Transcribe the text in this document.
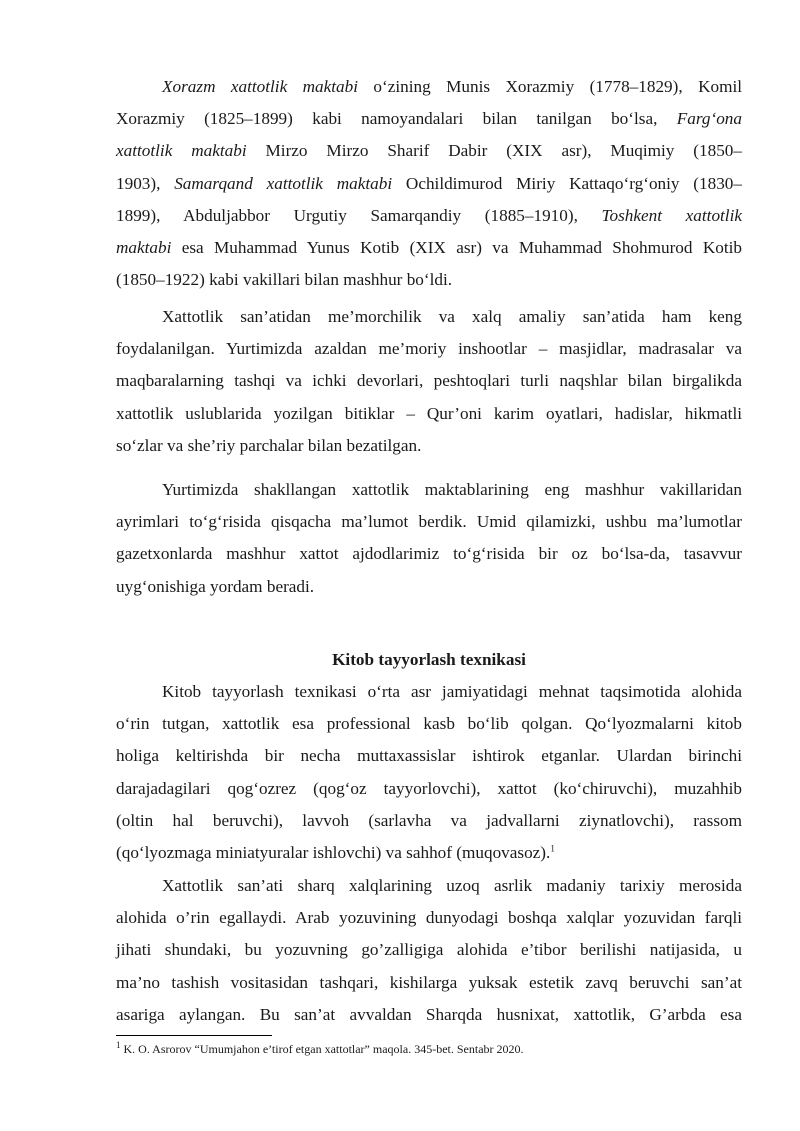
Xorazm xattotlik maktabi o‘zining Munis Xorazmiy (1778–1829), Komil
Xorazmiy (1825–1899) kabi namoyandalari bilan tanilgan bo‘lsa, Farg‘ona
xattotlik maktabi Mirzo Mirzo Sharif Dabir (XIX asr), Muqimiy (1850–
1903), Samarqand xattotlik maktabi Ochildimurod Miriy Kattaqo‘rg‘oniy (1830–
1899), Abduljabbor Urgutiy Samarqandiy (1885–1910), Toshkent xattotlik
maktabi esa Muhammad Yunus Kotib (XIX asr) va Muhammad Shohmurod Kotib
(1850–1922) kabi vakillari bilan mashhur bo‘ldi.
Xattotlik san’atidan me’morchilik va xalq amaliy san’atida ham keng
foydalanilgan. Yurtimizda azaldan me’moriy inshootlar – masjidlar, madrasalar va
maqbaralarning tashqi va ichki devorlari, peshtoqlari turli naqshlar bilan birgalikda
xattotlik uslublarida yozilgan bitiklar – Qur’oni karim oyatlari, hadislar, hikmatli
so‘zlar va she’riy parchalar bilan bezatilgan.
Yurtimizda shakllangan xattotlik maktablarining eng mashhur vakillaridan
ayrimlari to‘g‘risida qisqacha ma’lumot berdik. Umid qilamizki, ushbu ma’lumotlar
gazetxonlarda mashhur xattot ajdodlarimiz to‘g‘risida bir oz bo‘lsa-da, tasavvur
uyg‘onishiga yordam beradi.
Kitob tayyorlash texnikasi
Kitob tayyorlash texnikasi o‘rta asr jamiyatidagi mehnat taqsimotida alohida
o‘rin tutgan, xattotlik esa professional kasb bo‘lib qolgan. Qo‘lyozmalarni kitob
holiga keltirishda bir necha muttaxassislar ishtirok etganlar. Ulardan birinchi
darajadagilari qog‘ozrez (qog‘oz tayyorlovchi), xattot (ko‘chiruvchi), muzahhib
(oltin hal beruvchi), lavvoh (sarlavha va jadvallarni ziynatlovchi), rassom
(qo‘lyozmaga miniatyuralar ishlovchi) va sahhof (muqovasoz).$^1$
Xattotlik san’ati sharq xalqlarining uzoq asrlik madaniy tarixiy merosida
alohida o’rin egallaydi. Arab yozuvining dunyodagi boshqa xalqlar yozuvidan farqli
jihati shundaki, bu yozuvning go’zalligiga alohida e’tibor berilishi natijasida, u
ma’no tashish vositasidan tashqari, kishilarga yuksak estetik zavq beruvchi san’at
asariga aylangan. Bu san’at avvaldan Sharqda husnixat, xattotlik, G’arbda esa
$^1$ K. O. Asrorov “Umumjahon e’tirof etgan xattotlar” maqola. 345-bet. Sentabr 2020.
